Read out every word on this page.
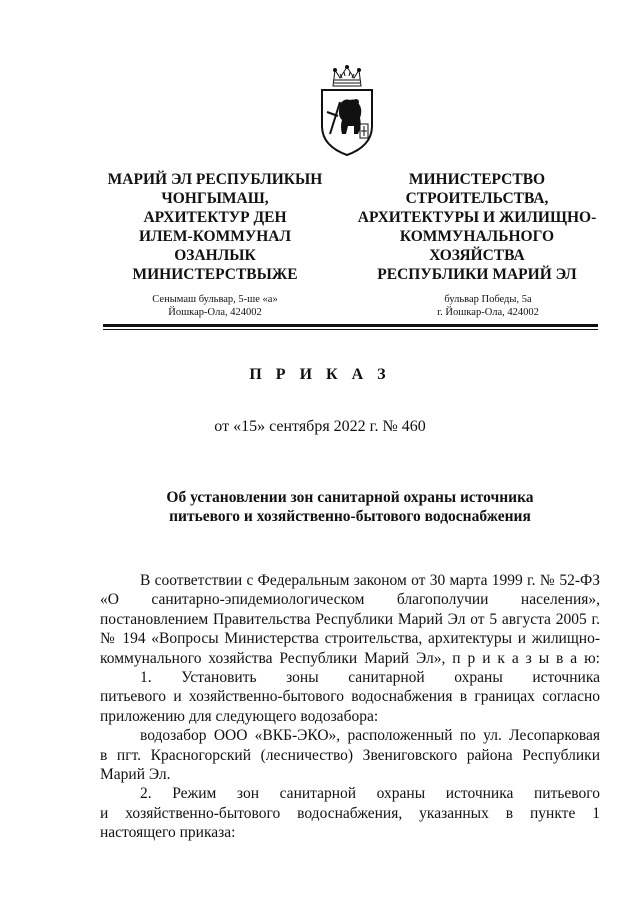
МАРИЙ ЭЛ РЕСПУБЛИКЫН
ЧОНГЫМАШ,
АРХИТЕКТУР ДЕН
ИЛЕМ-КОММУНАЛ
ОЗАНЛЫК
МИНИСТЕРСТВЫЖЕ
МИНИСТЕРСТВО
СТРОИТЕЛЬСТВА,
АРХИТЕКТУРЫ И ЖИЛИЩНО-
КОММУНАЛЬНОГО
ХОЗЯЙСТВА
РЕСПУБЛИКИ МАРИЙ ЭЛ
Сенымаш бульвар, 5-ше «а»
Йошкар-Ола, 424002
бульвар Победы, 5а
г. Йошкар-Ола, 424002
П Р И К А З
от «15» сентября 2022 г. № 460
Об установлении зон санитарной охраны источника
питьевого и хозяйственно-бытового водоснабжения
В соответствии с Федеральным законом от 30 марта 1999 г. № 52-ФЗ
«О санитарно-эпидемиологическом благополучии населения»,
постановлением Правительства Республики Марий Эл от 5 августа 2005 г.
№ 194 «Вопросы Министерства строительства, архитектуры и жилищно-
коммунального хозяйства Республики Марий Эл», п р и к а з ы в а ю:
1. Установить зоны санитарной охраны источника
питьевого и хозяйственно-бытового водоснабжения в границах согласно
приложению для следующего водозабора:
водозабор ООО «ВКБ-ЭКО», расположенный по ул. Лесопарковая
в пгт. Красногорский (лесничество) Звениговского района Республики
Марий Эл.
2. Режим зон санитарной охраны источника питьевого
и хозяйственно-бытового водоснабжения, указанных в пункте 1
настоящего приказа:
